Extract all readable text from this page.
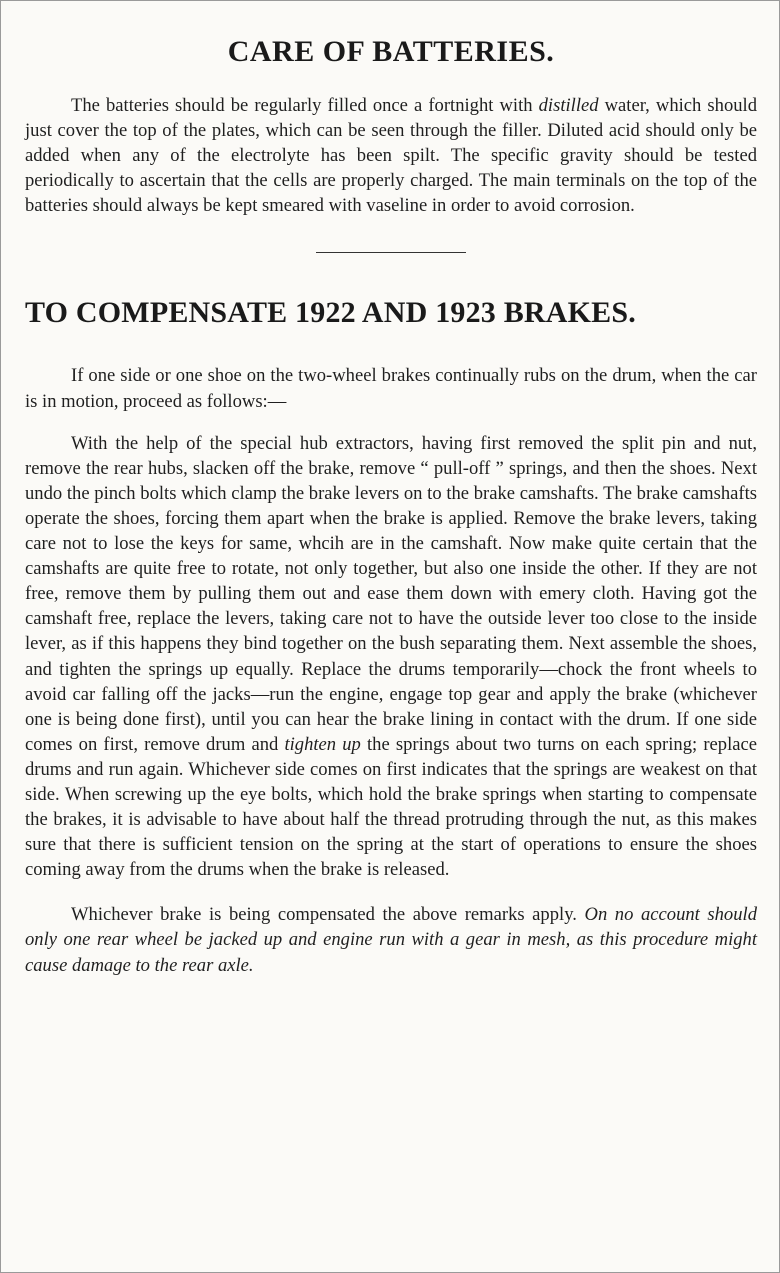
CARE OF BATTERIES.

The batteries should be regularly filled once a fortnight with distilled water, which should just cover the top of the plates, which can be seen through the filler. Diluted acid should only be added when any of the electrolyte has been spilt. The specific gravity should be tested periodically to ascertain that the cells are properly charged. The main terminals on the top of the batteries should always be kept smeared with vaseline in order to avoid corrosion.

TO COMPENSATE 1922 AND 1923 BRAKES.

If one side or one shoe on the two-wheel brakes continually rubs on the drum, when the car is in motion, proceed as follows:—

With the help of the special hub extractors, having first removed the split pin and nut, remove the rear hubs, slacken off the brake, remove “ pull-off ” springs, and then the shoes. Next undo the pinch bolts which clamp the brake levers on to the brake camshafts. The brake camshafts operate the shoes, forcing them apart when the brake is applied. Remove the brake levers, taking care not to lose the keys for same, whcih are in the camshaft. Now make quite certain that the camshafts are quite free to rotate, not only together, but also one inside the other. If they are not free, remove them by pulling them out and ease them down with emery cloth. Having got the camshaft free, replace the levers, taking care not to have the outside lever too close to the inside lever, as if this happens they bind together on the bush separating them. Next assemble the shoes, and tighten the springs up equally. Replace the drums temporarily—chock the front wheels to avoid car falling off the jacks—run the engine, engage top gear and apply the brake (whichever one is being done first), until you can hear the brake lining in contact with the drum. If one side comes on first, remove drum and tighten up the springs about two turns on each spring; replace drums and run again. Whichever side comes on first indicates that the springs are weakest on that side. When screwing up the eye bolts, which hold the brake springs when starting to compensate the brakes, it is advisable to have about half the thread protruding through the nut, as this makes sure that there is sufficient tension on the spring at the start of operations to ensure the shoes coming away from the drums when the brake is released.

Whichever brake is being compensated the above remarks apply. On no account should only one rear wheel be jacked up and engine run with a gear in mesh, as this procedure might cause damage to the rear axle.
